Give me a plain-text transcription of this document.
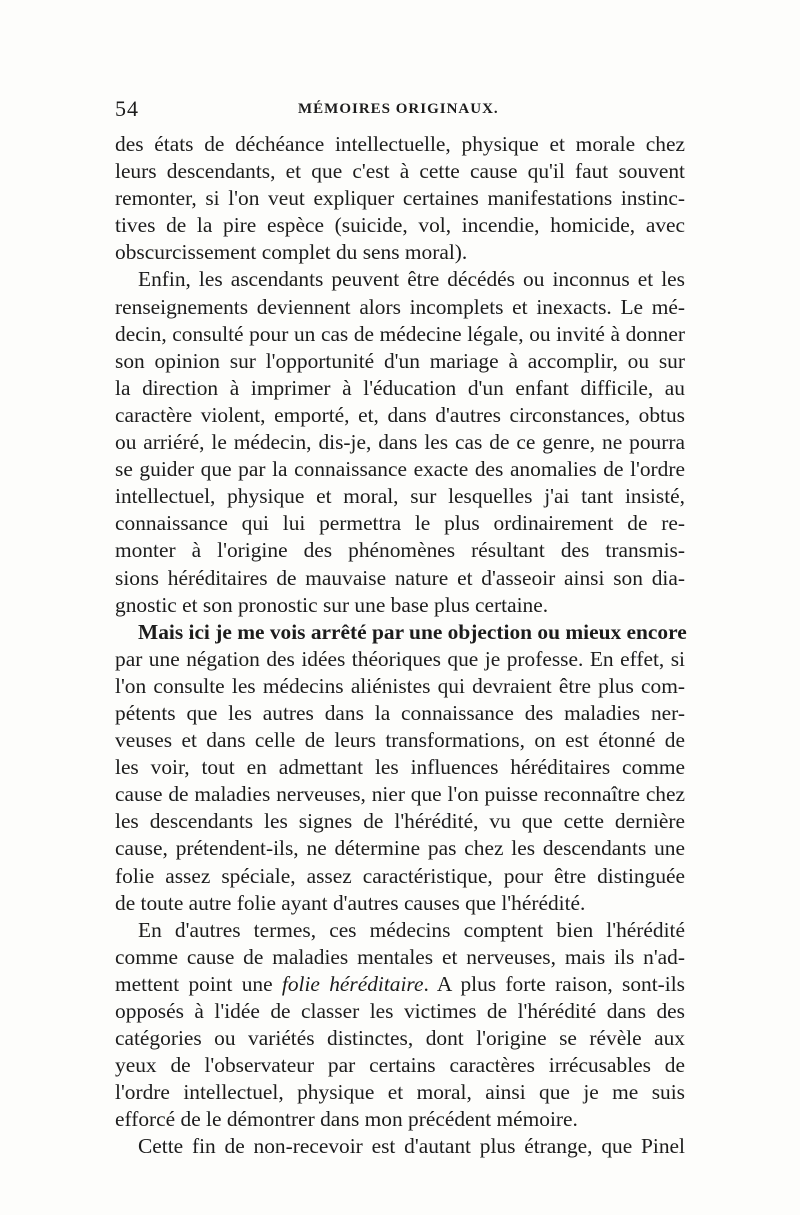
54	MÉMOIRES ORIGINAUX.
des états de déchéance intellectuelle, physique et morale chez
leurs descendants, et que c'est à cette cause qu'il faut souvent
remonter, si l'on veut expliquer certaines manifestations instinc-
tives de la pire espèce (suicide, vol, incendie, homicide, avec
obscurcissement complet du sens moral).
Enfin, les ascendants peuvent être décédés ou inconnus et les
renseignements deviennent alors incomplets et inexacts. Le mé-
decin, consulté pour un cas de médecine légale, ou invité à donner
son opinion sur l'opportunité d'un mariage à accomplir, ou sur
la direction à imprimer à l'éducation d'un enfant difficile, au
caractère violent, emporté, et, dans d'autres circonstances, obtus
ou arriéré, le médecin, dis-je, dans les cas de ce genre, ne pourra
se guider que par la connaissance exacte des anomalies de l'ordre
intellectuel, physique et moral, sur lesquelles j'ai tant insisté,
connaissance qui lui permettra le plus ordinairement de re-
monter à l'origine des phénomènes résultant des transmis-
sions héréditaires de mauvaise nature et d'asseoir ainsi son dia-
gnostic et son pronostic sur une base plus certaine.
Mais ici je me vois arrêté par une objection ou mieux encore
par une négation des idées théoriques que je professe. En effet, si
l'on consulte les médecins aliénistes qui devraient être plus com-
pétents que les autres dans la connaissance des maladies ner-
veuses et dans celle de leurs transformations, on est étonné de
les voir, tout en admettant les influences héréditaires comme
cause de maladies nerveuses, nier que l'on puisse reconnaître chez
les descendants les signes de l'hérédité, vu que cette dernière
cause, prétendent-ils, ne détermine pas chez les descendants une
folie assez spéciale, assez caractéristique, pour être distinguée
de toute autre folie ayant d'autres causes que l'hérédité.
En d'autres termes, ces médecins comptent bien l'hérédité
comme cause de maladies mentales et nerveuses, mais ils n'ad-
mettent point une folie héréditaire. A plus forte raison, sont-ils
opposés à l'idée de classer les victimes de l'hérédité dans des
catégories ou variétés distinctes, dont l'origine se révèle aux
yeux de l'observateur par certains caractères irrécusables de
l'ordre intellectuel, physique et moral, ainsi que je me suis
efforcé de le démontrer dans mon précédent mémoire.
Cette fin de non-recevoir est d'autant plus étrange, que Pinel
